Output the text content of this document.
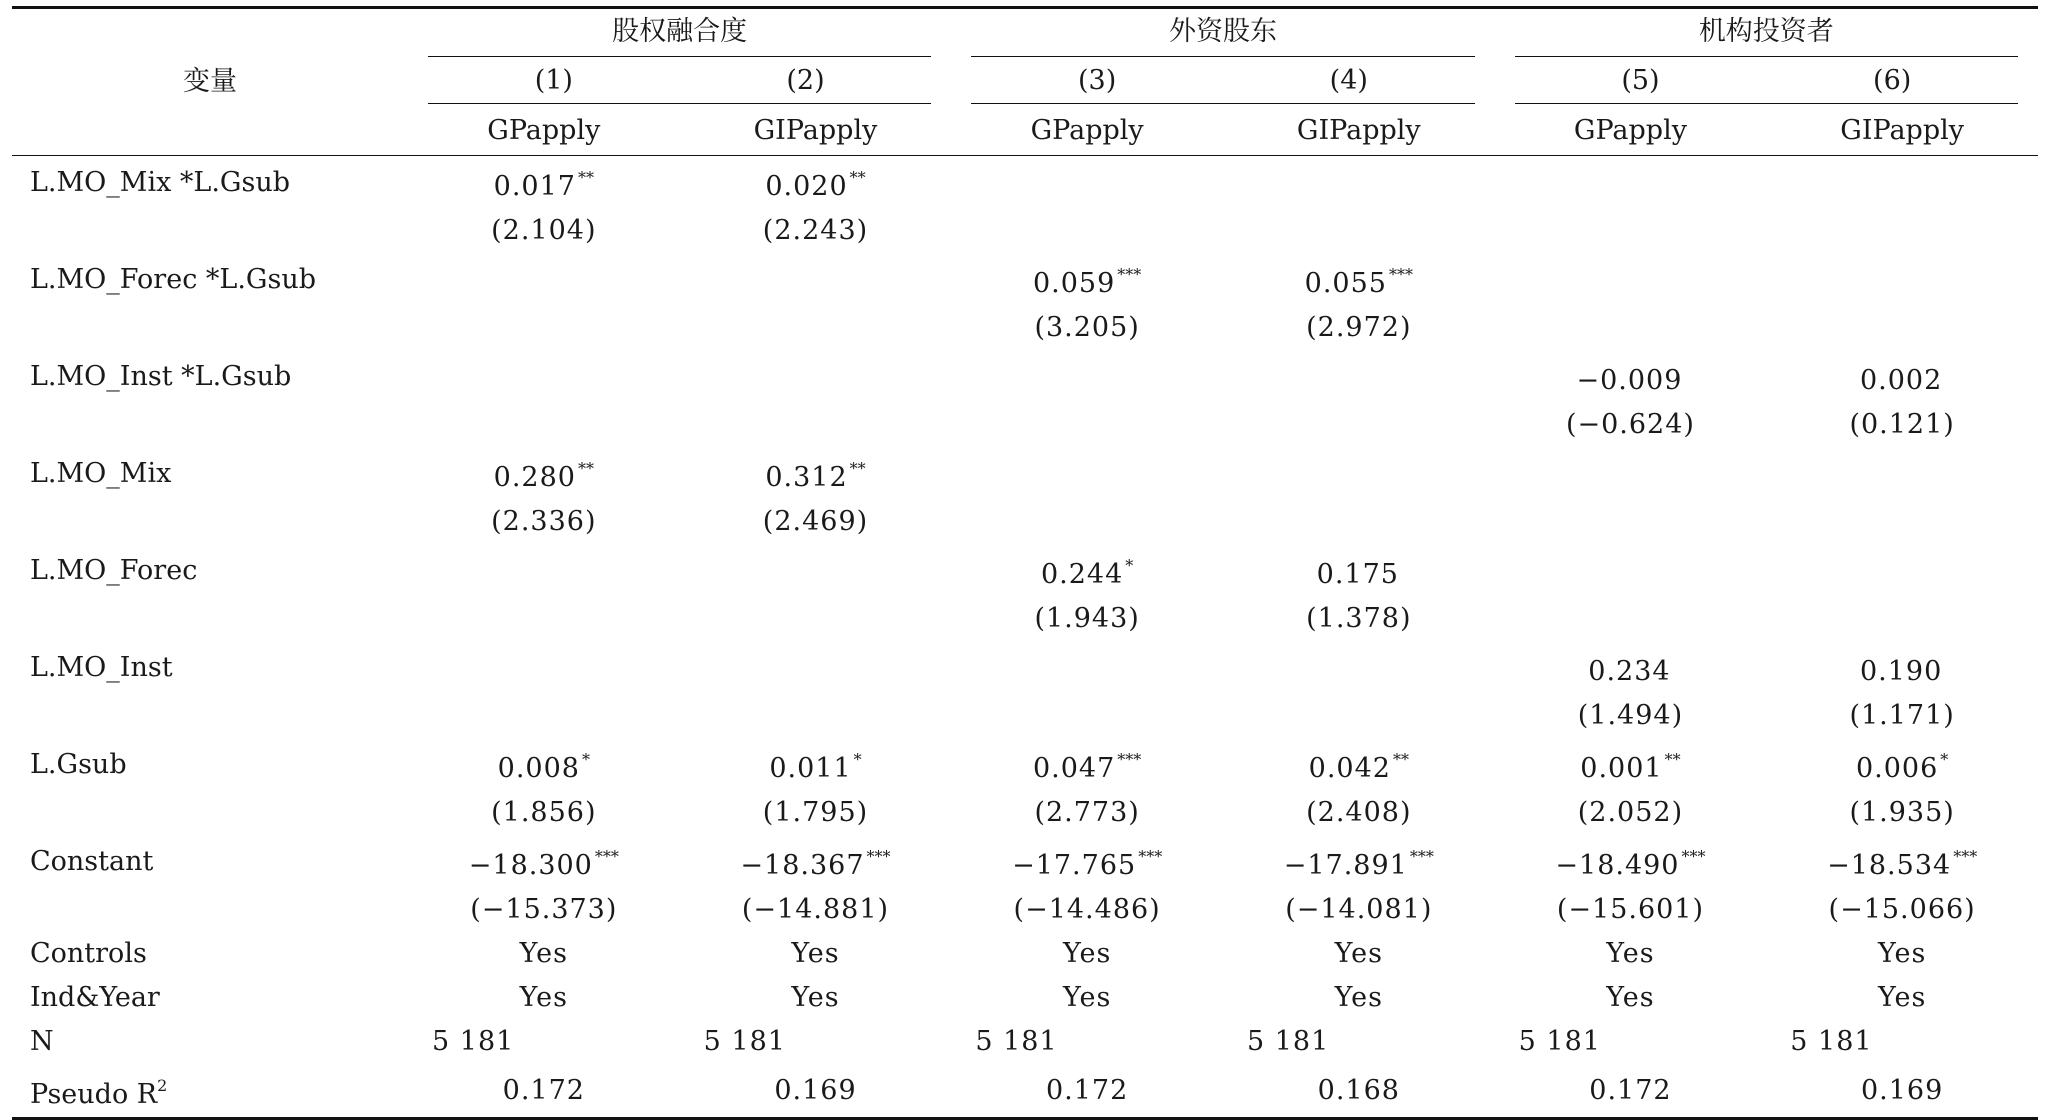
变量	股权融合度		外资股东		机构投资者	

	(1) (2)		(3) (4)		(5) (6)	

	GPapply	GIPapply	GPapply	GIPapply	GPapply	GIPapply
L.MO_Mix *L.Gsub	0.017 **	0.020 **				
	(2.104)	(2.243)				
L.MO_Forec *L.Gsub			0.059 ***	0.055 ***		
			(3.205)	(2.972)		
L.MO_Inst *L.Gsub					−0.009	0.002
					(−0.624)	(0.121)
L.MO_Mix	0.280 **	0.312 **				
	(2.336)	(2.469)				
L.MO_Forec			0.244 *	0.175		
			(1.943)	(1.378)		
L.MO_Inst					0.234	0.190
					(1.494)	(1.171)
L.Gsub	0.008 *	0.011 *	0.047 ***	0.042 **	0.001 **	0.006 *
	(1.856)	(1.795)	(2.773)	(2.408)	(2.052)	(1.935)
Constant	−18.300 ***	−18.367 ***	−17.765 ***	−17.891 ***	−18.490 ***	−18.534 ***
	(−15.373)	(−14.881)	(−14.486)	(−14.081)	(−15.601)	(−15.066)
Controls	Yes	Yes	Yes	Yes	Yes	Yes
Ind&Year	Yes	Yes	Yes	Yes	Yes	Yes
N	5 181	5 181	5 181	5 181	5 181	5 181
Pseudo $R^2$	0.172	0.169	0.172	0.168	0.172	0.169
